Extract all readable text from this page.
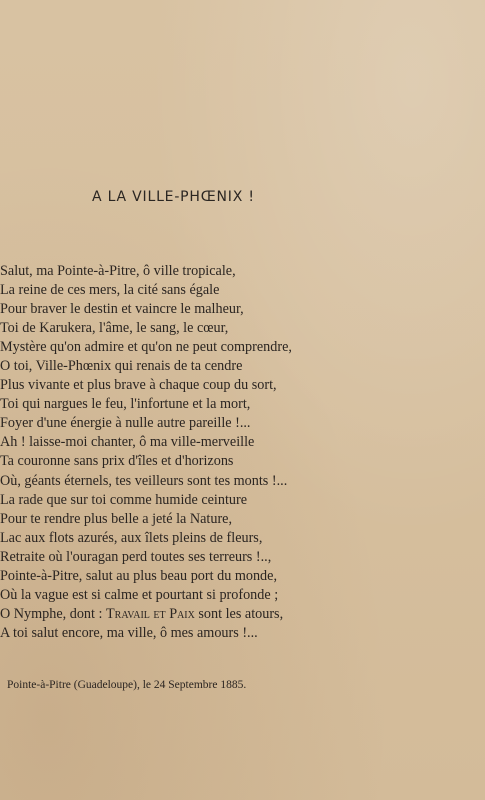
A LA VILLE-PHŒNIX !
Salut, ma Pointe-à-Pitre, ô ville tropicale,
La reine de ces mers, la cité sans égale
Pour braver le destin et vaincre le malheur,
Toi de Karukera, l'âme, le sang, le cœur,
Mystère qu'on admire et qu'on ne peut comprendre,
O toi, Ville-Phœnix qui renais de ta cendre
Plus vivante et plus brave à chaque coup du sort,
Toi qui nargues le feu, l'infortune et la mort,
Foyer d'une énergie à nulle autre pareille !...
Ah ! laisse-moi chanter, ô ma ville-merveille
Ta couronne sans prix d'îles et d'horizons
Où, géants éternels, tes veilleurs sont tes monts !...
La rade que sur toi comme humide ceinture
Pour te rendre plus belle a jeté la Nature,
Lac aux flots azurés, aux îlets pleins de fleurs,
Retraite où l'ouragan perd toutes ses terreurs !..,
Pointe-à-Pitre, salut au plus beau port du monde,
Où la vague est si calme et pourtant si profonde ;
O Nymphe, dont : Travail et Paix sont les atours,
A toi salut encore, ma ville, ô mes amours !...
Pointe-à-Pitre (Guadeloupe), le 24 Septembre 1885.
